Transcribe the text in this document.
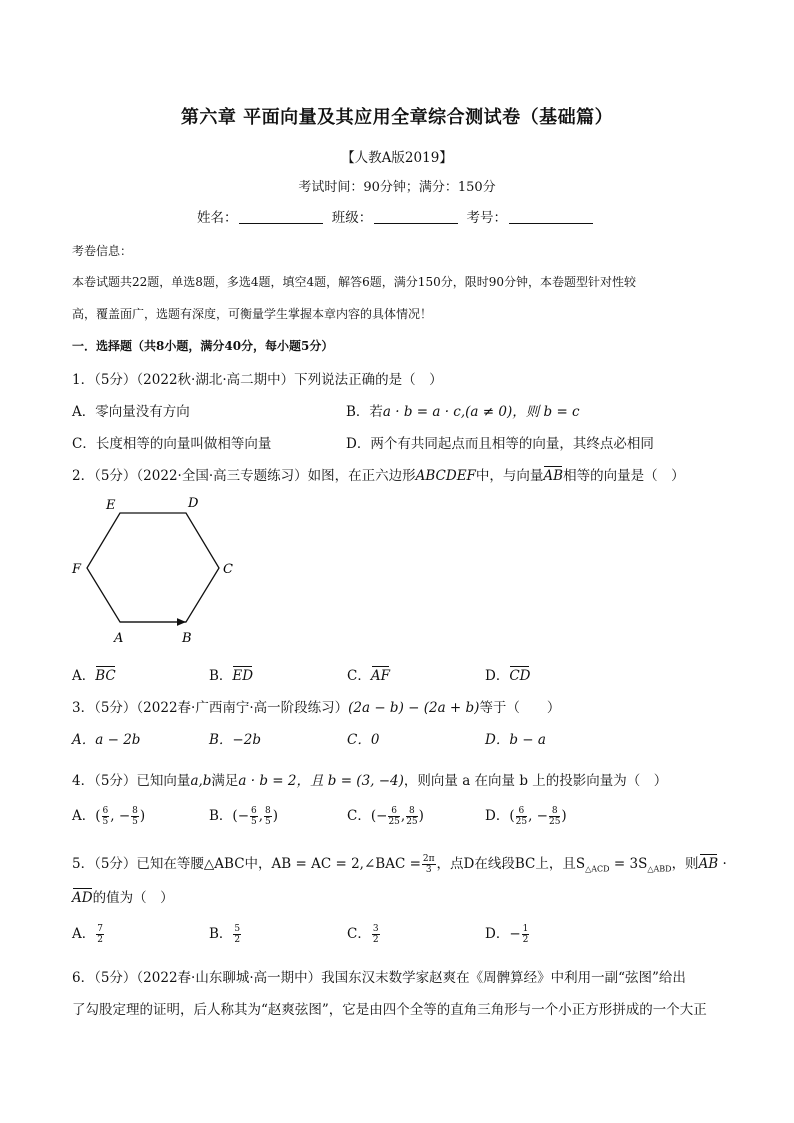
第六章 平面向量及其应用全章综合测试卷（基础篇）
【人教A版2019】
考试时间：90分钟；满分：150分
姓名：	班级：	考号：
考卷信息：
本卷试题共22题，单选8题，多选4题，填空4题，解答6题，满分150分，限时90分钟，本卷题型针对性较
高，覆盖面广，选题有深度，可衡量学生掌握本章内容的具体情况！
一．选择题（共8小题，满分40分，每小题5分）
1．（5分）（2022秋·湖北·高二期中）下列说法正确的是（　）
A．零向量没有方向	B．若a · b = a · c,(a ≠ 0)，则 b = c
C．长度相等的向量叫做相等向量	D．两个有共同起点而且相等的向量，其终点必相同
2．（5分）（2022·全国·高三专题练习）如图，在正六边形ABCDEF中，与向量AB相等的向量是（　）
A	B
C
D
E
F
A．BC	B．ED	C．AF	D．CD
3．（5分）（2022春·广西南宁·高一阶段练习）(2a − b) − (2a + b)等于（　　）
A．a − 2b	B．−2b	C．0	D．b − a
4．（5分）已知向量a,b满足a · b = 2，且 b = (3, −4)，则向量 a 在向量 b 上的投影向量为（　）
A．( $\frac{6}{5}$ , − $\frac{8}{5}$ )	B．(− $\frac{6}{5}$ , $\frac{8}{5}$ )	C．(− $\frac{6}{25}$ , $\frac{8}{25}$ )	D．( $\frac{6}{25}$ , − $\frac{8}{25}$ )
5．（5分）已知在等腰△ABC中，AB = AC = 2,∠BAC = $\frac{2\pi}{3}$ ，点D在线段BC上，且$S_{\triangle ACD} = 3S_{\triangle ABD}$，则AB ·
AD的值为（　）
A． $\frac{7}{2}$	B． $\frac{5}{2}$	C． $\frac{3}{2}$	D．− $\frac{1}{2}$
6．（5分）（2022春·山东聊城·高一期中）我国东汉末数学家赵爽在《周髀算经》中利用一副“弦图”给出
了勾股定理的证明，后人称其为“赵爽弦图”，它是由四个全等的直角三角形与一个小正方形拼成的一个大正
